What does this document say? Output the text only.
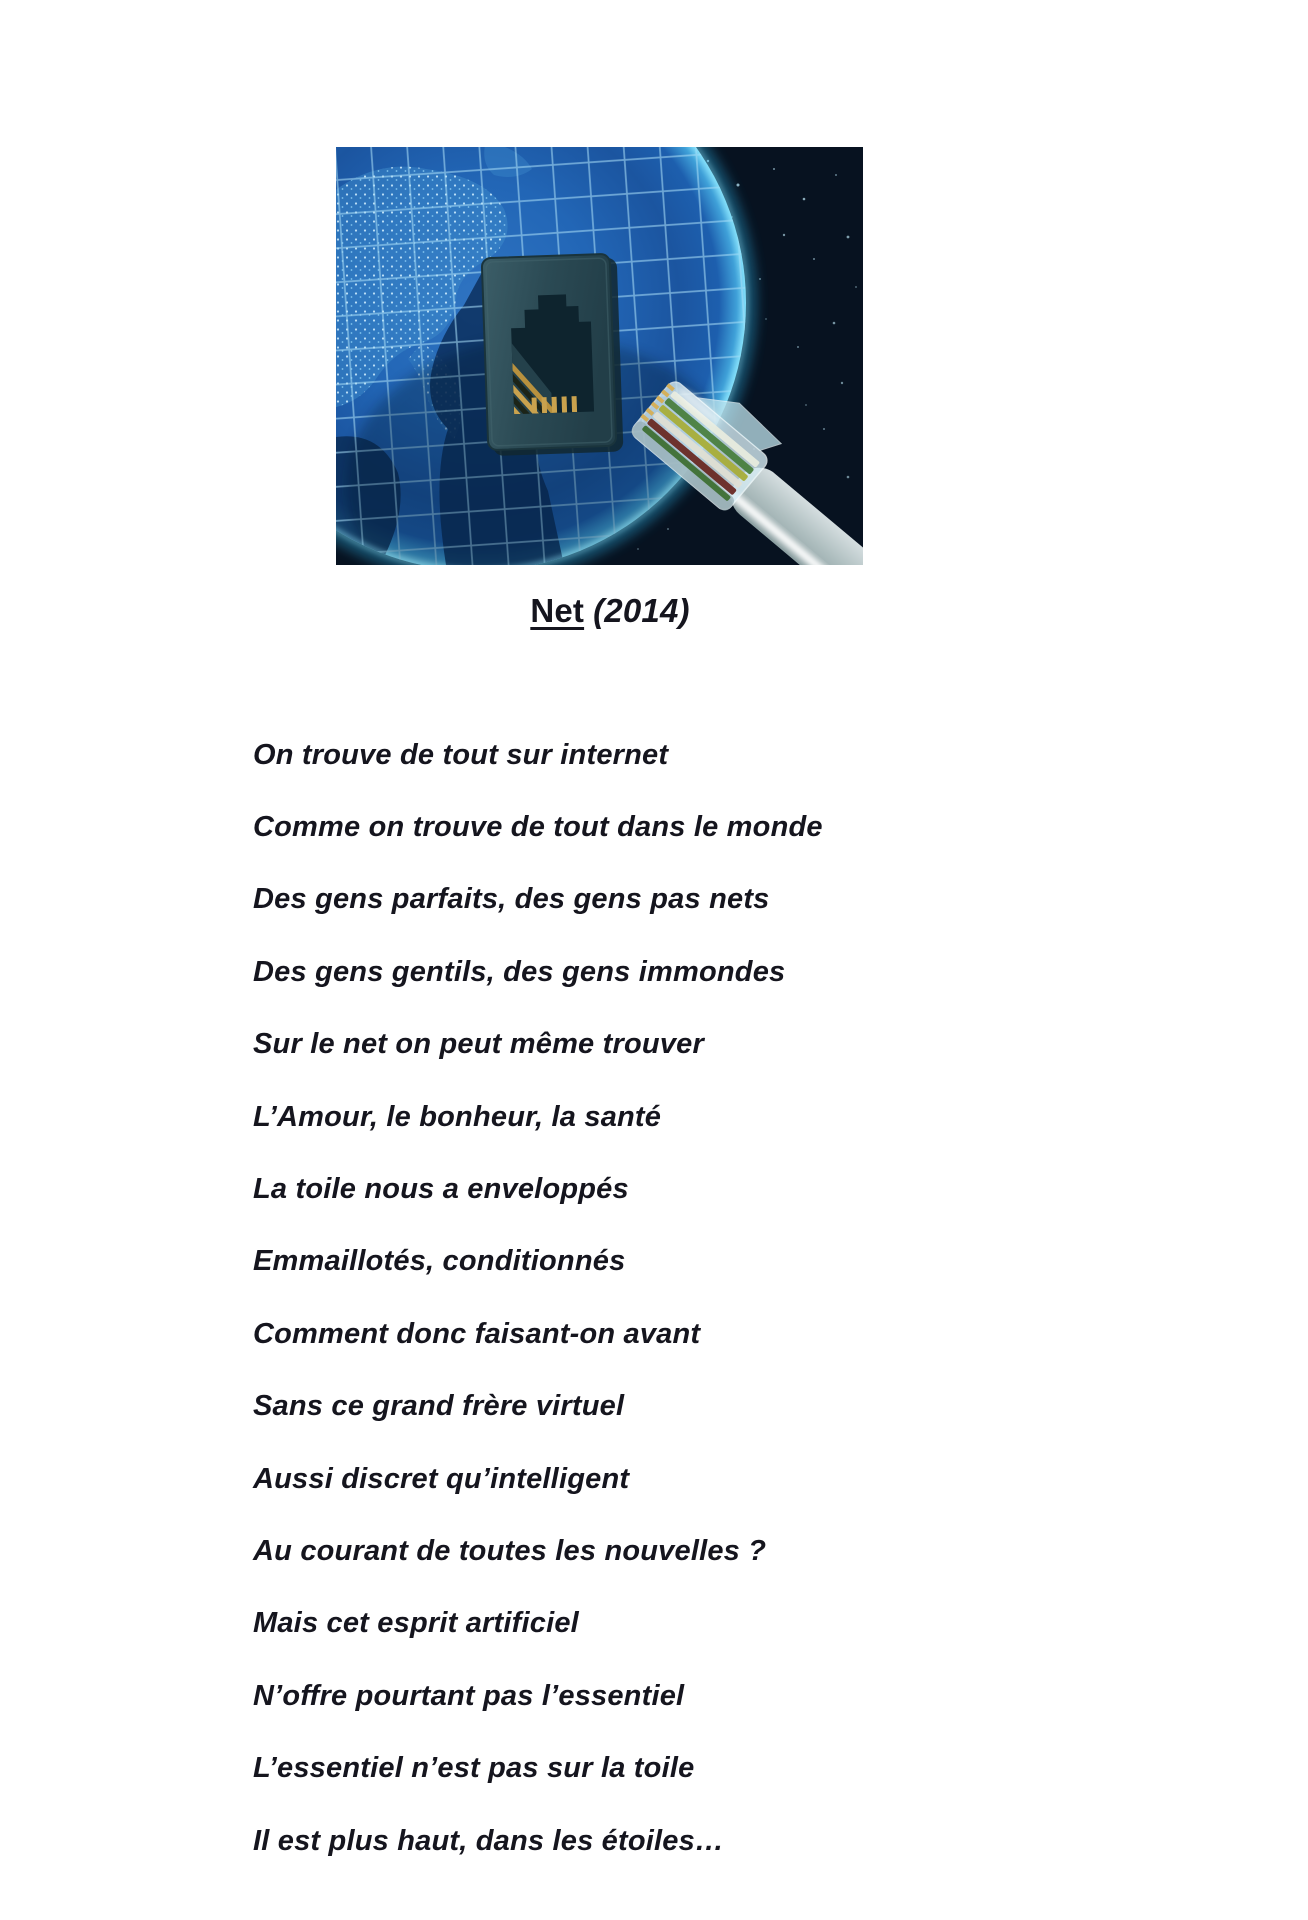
Net (2014)
On trouve de tout sur internet
Comme on trouve de tout dans le monde
Des gens parfaits, des gens pas nets
Des gens gentils, des gens immondes
Sur le net on peut même trouver
L’Amour, le bonheur, la santé
La toile nous a enveloppés
Emmaillotés, conditionnés
Comment donc faisant-on avant
Sans ce grand frère virtuel
Aussi discret qu’intelligent
Au courant de toutes les nouvelles ?
Mais cet esprit artificiel
N’offre pourtant pas l’essentiel
L’essentiel n’est pas sur la toile
Il est plus haut, dans les étoiles…
